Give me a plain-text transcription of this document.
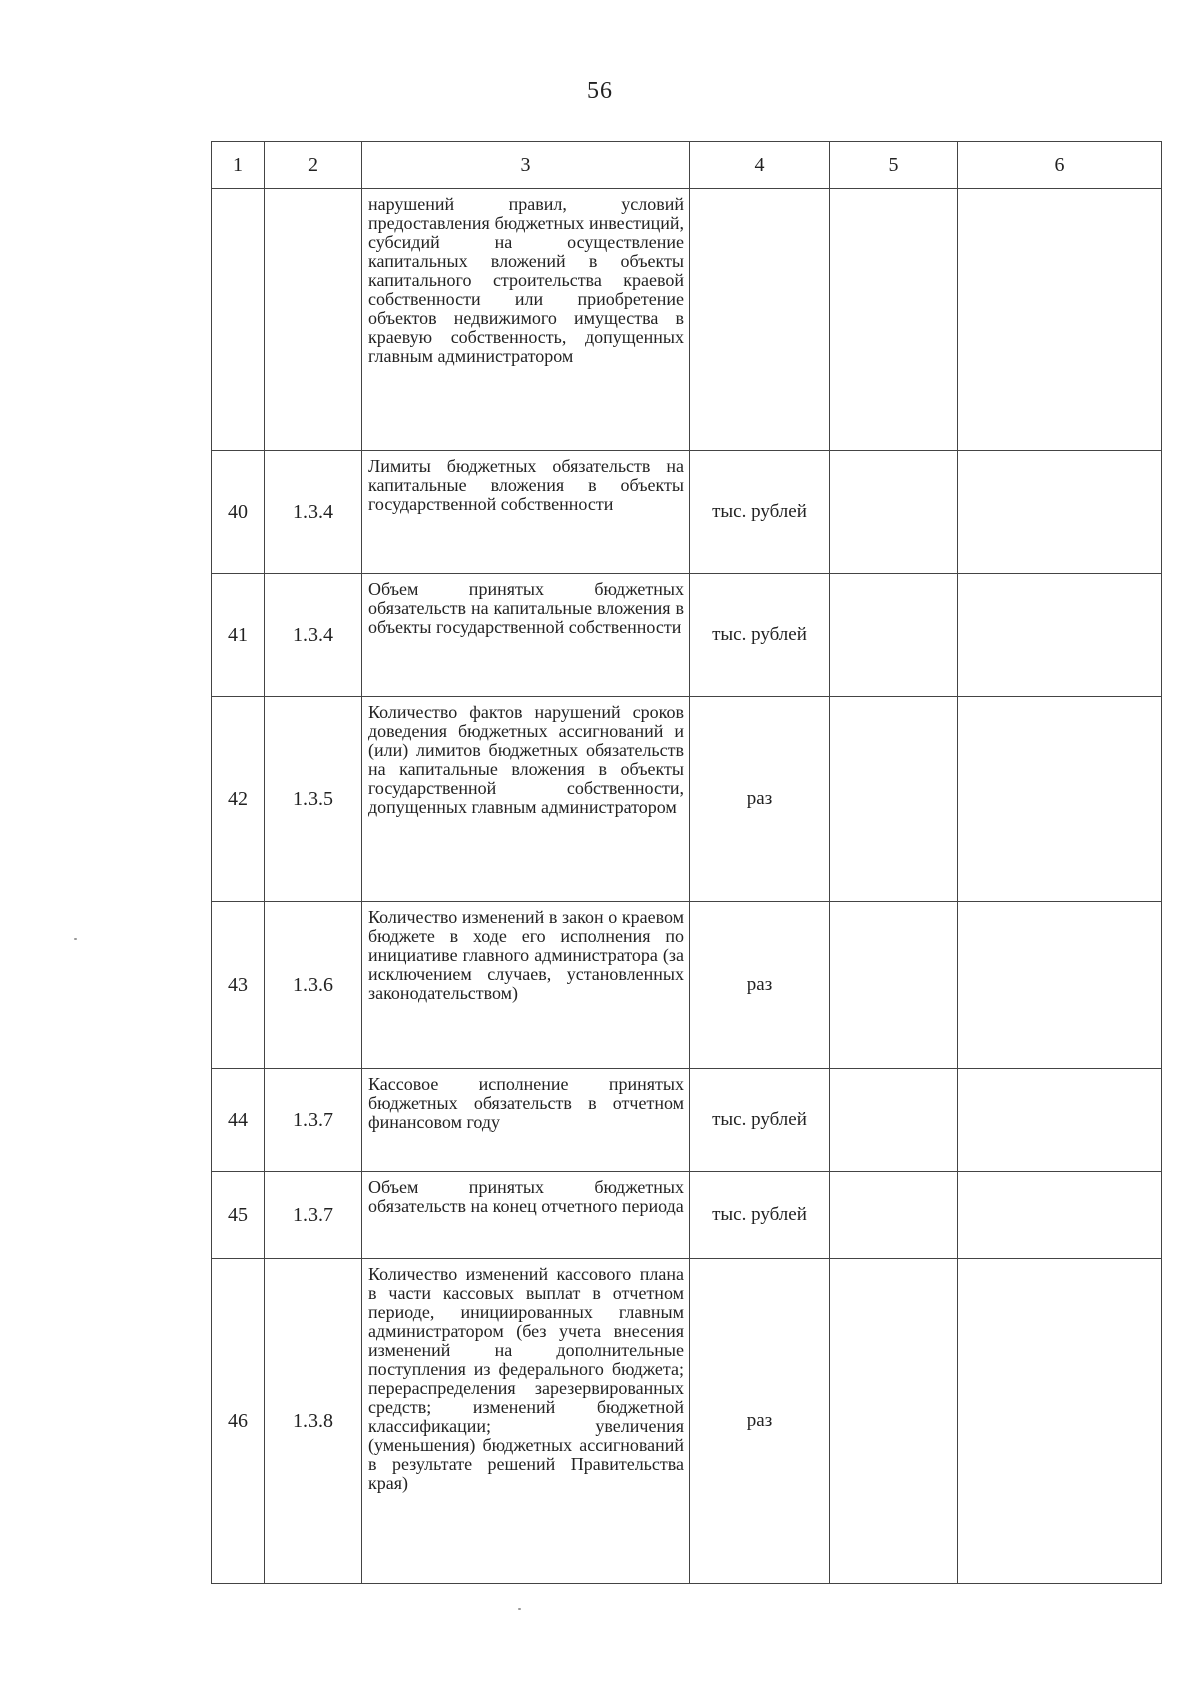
56
1	2	3	4	5	6
		нарушений правил, условий предоставления бюджетных инвестиций, субсидий на осуществление капитальных вложений в объекты капитального строительства краевой собственности или приобретение объектов недвижимого имущества в краевую собственность, допущенных главным администратором			
40	1.3.4	Лимиты бюджетных обязательств на капитальные вложения в объекты государственной собственности	тыс. рублей		
41	1.3.4	Объем принятых бюджетных обязательств на капитальные вложения в объекты государственной собственности	тыс. рублей		
42	1.3.5	Количество фактов нарушений сроков доведения бюджетных ассигнований и (или) лимитов бюджетных обязательств на капитальные вложения в объекты государственной собственности, допущенных главным администратором	раз		
43	1.3.6	Количество изменений в закон о краевом бюджете в ходе его исполнения по инициативе главного администратора (за исключением случаев, установленных законодательством)	раз		
44	1.3.7	Кассовое исполнение принятых бюджетных обязательств в отчетном финансовом году	тыс. рублей		
45	1.3.7	Объем принятых бюджетных обязательств на конец отчетного периода	тыс. рублей		
46	1.3.8	Количество изменений кассового плана в части кассовых выплат в отчетном периоде, инициированных главным администратором (без учета внесения изменений на дополнительные поступления из федерального бюджета; перераспределения зарезервированных средств; изменений бюджетной классификации; увеличения (уменьшения) бюджетных ассигнований в результате решений Правительства края)	раз		
